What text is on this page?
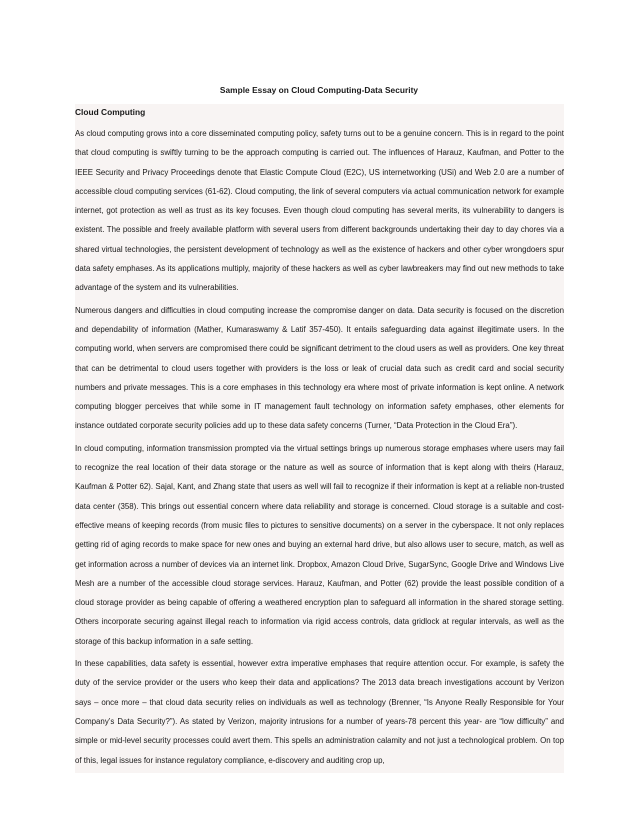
Sample Essay on Cloud Computing-Data Security
Cloud Computing

As cloud computing grows into a core disseminated computing policy, safety turns out to be a genuine concern. This is in regard to the point that cloud computing is swiftly turning to be the approach computing is carried out. The influences of Harauz, Kaufman, and Potter to the IEEE Security and Privacy Proceedings denote that Elastic Compute Cloud (E2C), US internetworking (USi) and Web 2.0 are a number of accessible cloud computing services (61-62). Cloud computing, the link of several computers via actual communication network for example internet, got protection as well as trust as its key focuses. Even though cloud computing has several merits, its vulnerability to dangers is existent. The possible and freely available platform with several users from different backgrounds undertaking their day to day chores via a shared virtual technologies, the persistent development of technology as well as the existence of hackers and other cyber wrongdoers spur data safety emphases. As its applications multiply, majority of these hackers as well as cyber lawbreakers may find out new methods to take advantage of the system and its vulnerabilities.

Numerous dangers and difficulties in cloud computing increase the compromise danger on data. Data security is focused on the discretion and dependability of information (Mather, Kumaraswamy & Latif 357-450). It entails safeguarding data against illegitimate users. In the computing world, when servers are compromised there could be significant detriment to the cloud users as well as providers. One key threat that can be detrimental to cloud users together with providers is the loss or leak of crucial data such as credit card and social security numbers and private messages. This is a core emphases in this technology era where most of private information is kept online. A network computing blogger perceives that while some in IT management fault technology on information safety emphases, other elements for instance outdated corporate security policies add up to these data safety concerns (Turner, “Data Protection in the Cloud Era”).

In cloud computing, information transmission prompted via the virtual settings brings up numerous storage emphases where users may fail to recognize the real location of their data storage or the nature as well as source of information that is kept along with theirs (Harauz, Kaufman & Potter 62). Sajal, Kant, and Zhang state that users as well will fail to recognize if their information is kept at a reliable non-trusted data center (358). This brings out essential concern where data reliability and storage is concerned. Cloud storage is a suitable and cost-effective means of keeping records (from music files to pictures to sensitive documents) on a server in the cyberspace. It not only replaces getting rid of aging records to make space for new ones and buying an external hard drive, but also allows user to secure, match, as well as get information across a number of devices via an internet link. Dropbox, Amazon Cloud Drive, SugarSync, Google Drive and Windows Live Mesh are a number of the accessible cloud storage services. Harauz, Kaufman, and Potter (62) provide the least possible condition of a cloud storage provider as being capable of offering a weathered encryption plan to safeguard all information in the shared storage setting. Others incorporate securing against illegal reach to information via rigid access controls, data gridlock at regular intervals, as well as the storage of this backup information in a safe setting.

In these capabilities, data safety is essential, however extra imperative emphases that require attention occur. For example, is safety the duty of the service provider or the users who keep their data and applications? The 2013 data breach investigations account by Verizon says – once more – that cloud data security relies on individuals as well as technology (Brenner, “Is Anyone Really Responsible for Your Company’s Data Security?”). As stated by Verizon, majority intrusions for a number of years-78 percent this year- are “low difficulty” and simple or mid-level security processes could avert them. This spells an administration calamity and not just a technological problem. On top of this, legal issues for instance regulatory compliance, e-discovery and auditing crop up,
